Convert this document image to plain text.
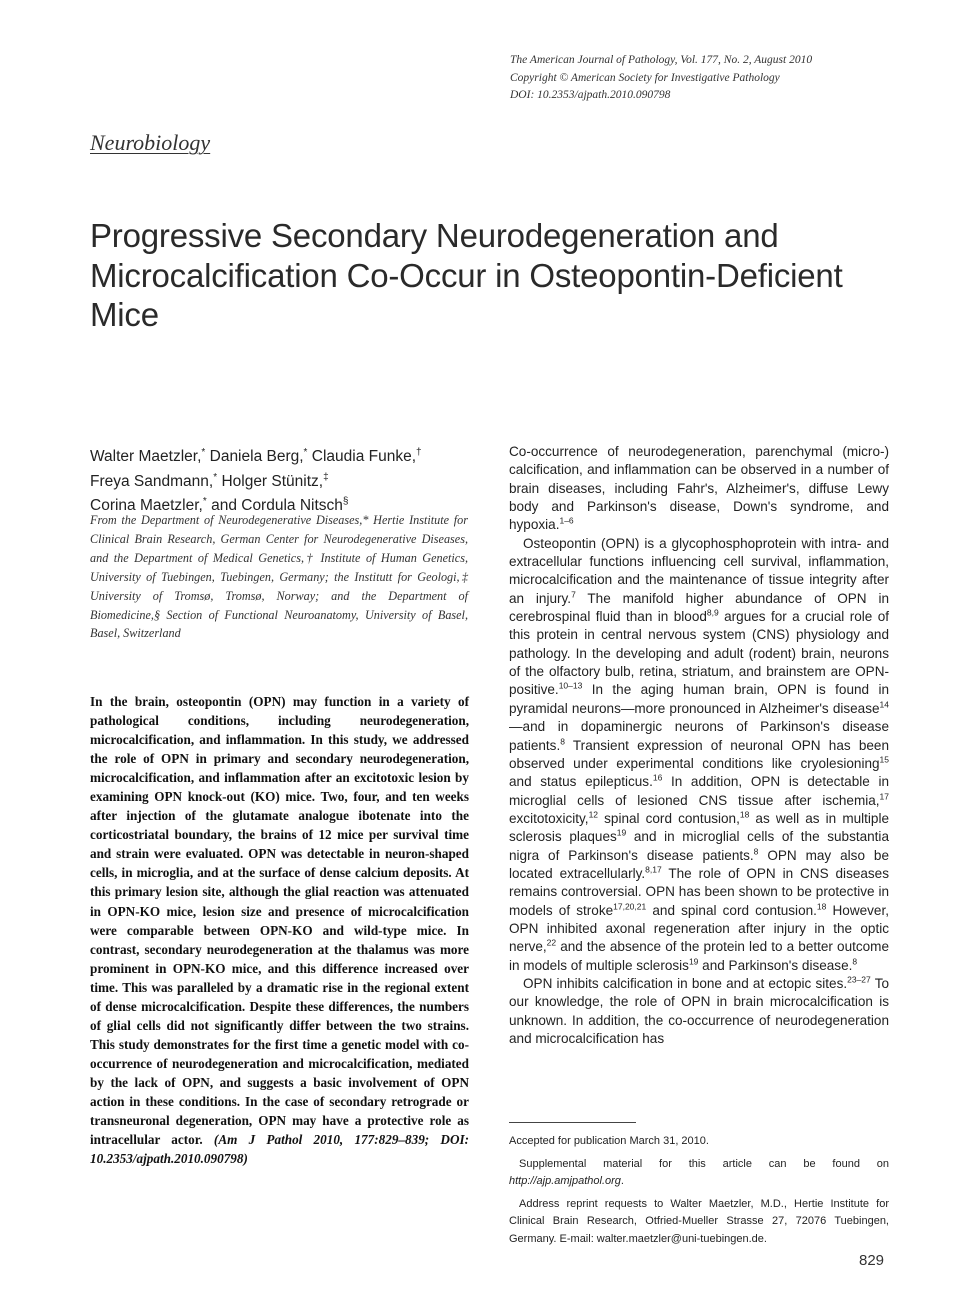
The American Journal of Pathology, Vol. 177, No. 2, August 2010
Copyright © American Society for Investigative Pathology
DOI: 10.2353/ajpath.2010.090798
Neurobiology
Progressive Secondary Neurodegeneration and Microcalcification Co-Occur in Osteopontin-Deficient Mice
Walter Maetzler,* Daniela Berg,* Claudia Funke,†
Freya Sandmann,* Holger Stünitz,‡
Corina Maetzler,* and Cordula Nitsch§
From the Department of Neurodegenerative Diseases,* Hertie Institute for Clinical Brain Research, German Center for Neurodegenerative Diseases, and the Department of Medical Genetics,† Institute of Human Genetics, University of Tuebingen, Tuebingen, Germany; the Institutt for Geologi,‡ University of Tromsø, Tromsø, Norway; and the Department of Biomedicine,§ Section of Functional Neuroanatomy, University of Basel, Basel, Switzerland

In the brain, osteopontin (OPN) may function in a variety of pathological conditions, including neurodegeneration, microcalcification, and inflammation. In this study, we addressed the role of OPN in primary and secondary neurodegeneration, microcalcification, and inflammation after an excitotoxic lesion by examining OPN knock-out (KO) mice. Two, four, and ten weeks after injection of the glutamate analogue ibotenate into the corticostriatal boundary, the brains of 12 mice per survival time and strain were evaluated. OPN was detectable in neuron-shaped cells, in microglia, and at the surface of dense calcium deposits. At this primary lesion site, although the glial reaction was attenuated in OPN-KO mice, lesion size and presence of microcalcification were comparable between OPN-KO and wild-type mice. In contrast, secondary neurodegeneration at the thalamus was more prominent in OPN-KO mice, and this difference increased over time. This was paralleled by a dramatic rise in the regional extent of dense microcalcification. Despite these differences, the numbers of glial cells did not significantly differ between the two strains. This study demonstrates for the first time a genetic model with co-occurrence of neurodegeneration and microcalcification, mediated by the lack of OPN, and suggests a basic involvement of OPN action in these conditions. In the case of secondary retrograde or transneuronal degeneration, OPN may have a protective role as intracellular actor. (Am J Pathol 2010, 177:829–839; DOI: 10.2353/ajpath.2010.090798)

Co-occurrence of neurodegeneration, parenchymal (micro-) calcification, and inflammation can be observed in a number of brain diseases, including Fahr's, Alzheimer's, diffuse Lewy body and Parkinson's disease, Down's syndrome, and hypoxia.$^{1-6}$

Osteopontin (OPN) is a glycophosphoprotein with intra- and extracellular functions influencing cell survival, inflammation, microcalcification and the maintenance of tissue integrity after an injury.$^7$ The manifold higher abundance of OPN in cerebrospinal fluid than in blood$^{8,9}$ argues for a crucial role of this protein in central nervous system (CNS) physiology and pathology. In the developing and adult (rodent) brain, neurons of the olfactory bulb, retina, striatum, and brainstem are OPN-positive.$^{10-13}$ In the aging human brain, OPN is found in pyramidal neurons—more pronounced in Alzheimer's disease$^{14}$—and in dopaminergic neurons of Parkinson's disease patients.$^8$ Transient expression of neuronal OPN has been observed under experimental conditions like cryolesioning$^{15}$ and status epilepticus.$^{16}$ In addition, OPN is detectable in microglial cells of lesioned CNS tissue after ischemia,$^{17}$ excitotoxicity,$^{12}$ spinal cord contusion,$^{18}$ as well as in multiple sclerosis plaques$^{19}$ and in microglial cells of the substantia nigra of Parkinson's disease patients.$^8$ OPN may also be located extracellularly.$^{8,17}$ The role of OPN in CNS diseases remains controversial. OPN has been shown to be protective in models of stroke$^{17,20,21}$ and spinal cord contusion.$^{18}$ However, OPN inhibited axonal regeneration after injury in the optic nerve,$^{22}$ and the absence of the protein led to a better outcome in models of multiple sclerosis$^{19}$ and Parkinson's disease.$^8$

OPN inhibits calcification in bone and at ectopic sites.$^{23-27}$ To our knowledge, the role of OPN in brain microcalcification is unknown. In addition, the co-occurrence of neurodegeneration and microcalcification has

Accepted for publication March 31, 2010.

Supplemental material for this article can be found on http://ajp.amjpathol.org.

Address reprint requests to Walter Maetzler, M.D., Hertie Institute for Clinical Brain Research, Otfried-Mueller Strasse 27, 72076 Tuebingen, Germany. E-mail: walter.maetzler@uni-tuebingen.de.

829
